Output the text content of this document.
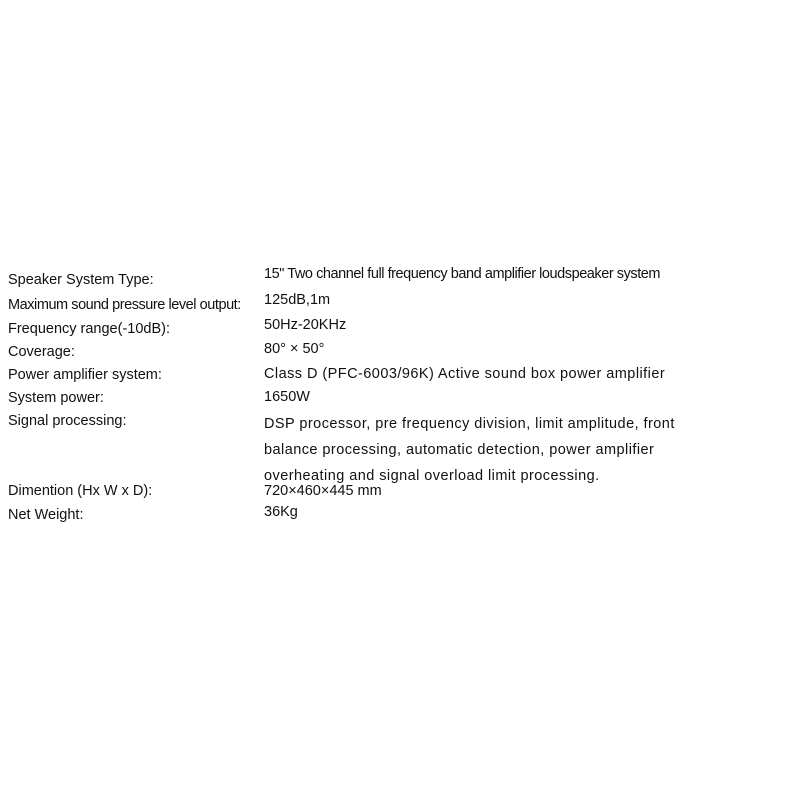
Speaker System Type:	15" Two channel full frequency band amplifier loudspeaker system

Maximum sound pressure level output: 125dB,1m

Frequency range(-10dB):	50Hz-20KHz

Coverage:	80° × 50°

Power amplifier system:	Class D (PFC-6003/96K) Active sound box power amplifier

System power:	1650W

Signal processing:	DSP processor, pre frequency division, limit amplitude, front
balance processing, automatic detection, power amplifier
overheating and signal overload limit processing.

Dimention (Hx W x D):	720×460×445 mm

Net Weight:	36Kg
